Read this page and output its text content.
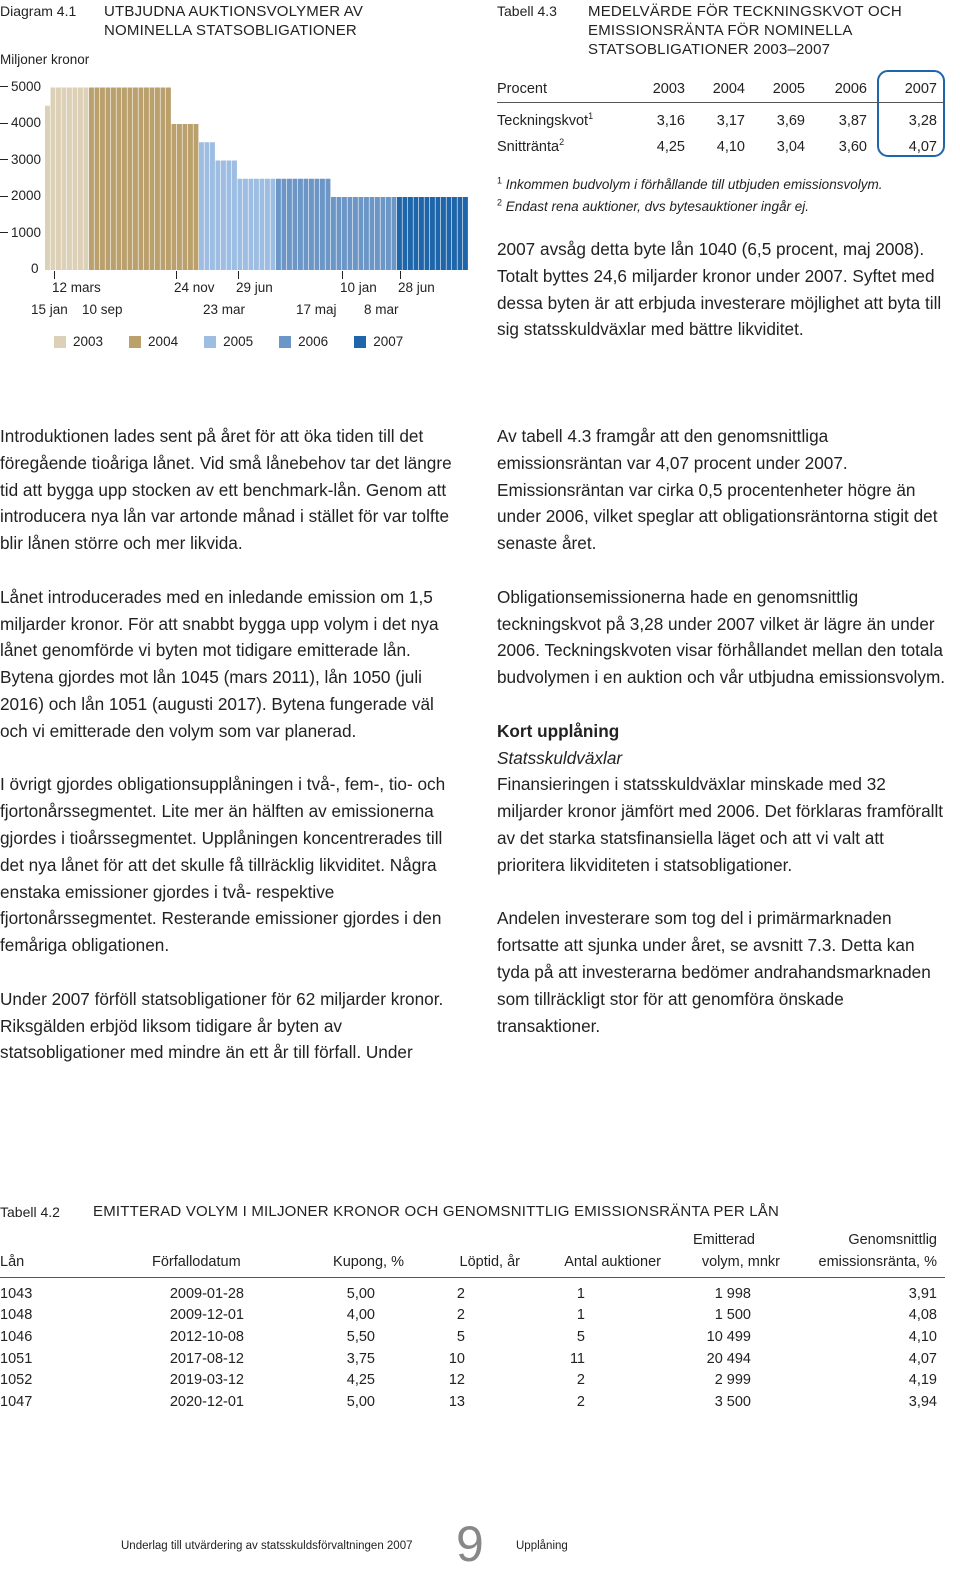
Diagram 4.1 UTBJUDNA AUKTIONSVOLYMER AV
NOMINELLA STATSOBLIGATIONER
Miljoner kronor
5000
4000
3000
2000
1000
0
12 mars	24 nov 29 jun	10 jan 28 jun
15 jan 10 sep	23 mar	17 maj 8 mar
2003	2004	2005	2006	2007
Tabell 4.3 MEDELVÄRDE FÖR TECKNINGSKVOT OCH
EMISSIONSRÄNTA FÖR NOMINELLA
STATSOBLIGATIONER 2003–2007
Procent	2003	2004	2005	2006	2007

Teckningskvot$^1$	3,16	3,17	3,69	3,87	3,28
Snittränta$^2$	4,25	4,10	3,04	3,60	4,07
$^1$ Inkommen budvolym i förhållande till utbjuden emissionsvolym.
$^2$ Endast rena auktioner, dvs bytesauktioner ingår ej.
2007 avsåg detta byte lån 1040 (6,5 procent, maj 2008). Totalt byttes 24,6 miljarder kronor under 2007. Syftet med dessa byten är att erbjuda investerare möjlighet att byta till sig statsskuldväxlar med bättre likviditet.

Introduktionen lades sent på året för att öka tiden till det föregående tioåriga lånet. Vid små lånebehov tar det längre tid att bygga upp stocken av ett benchmark-lån. Genom att introducera nya lån var artonde månad i stället för var tolfte blir lånen större och mer likvida.

Lånet introducerades med en inledande emission om 1,5 miljarder kronor. För att snabbt bygga upp volym i det nya lånet genomförde vi byten mot tidigare emitterade lån. Bytena gjordes mot lån 1045 (mars 2011), lån 1050 (juli 2016) och lån 1051 (augusti 2017). Bytena fungerade väl och vi emitterade den volym som var planerad.

I övrigt gjordes obligationsupplåningen i två-, fem-, tio- och fjortonårssegmentet. Lite mer än hälften av emissionerna gjordes i tioårssegmentet. Upplåningen koncentrerades till det nya lånet för att det skulle få tillräcklig likviditet. Några enstaka emissioner gjordes i två- respektive fjortonårssegmentet. Resterande emissioner gjordes i den femåriga obligationen.

Under 2007 förföll statsobligationer för 62 miljarder kronor. Riksgälden erbjöd liksom tidigare år byten av statsobligationer med mindre än ett år till förfall. Under

Av tabell 4.3 framgår att den genomsnittliga emissionsräntan var 4,07 procent under 2007. Emissionsräntan var cirka 0,5 procentenheter högre än under 2006, vilket speglar att obligationsräntorna stigit det senaste året.

Obligationsemissionerna hade en genomsnittlig teckningskvot på 3,28 under 2007 vilket är lägre än under 2006. Teckningskvoten visar förhållandet mellan den totala budvolymen i en auktion och vår utbjudna emissionsvolym.

Kort upplåning

Statsskuldväxlar

Finansieringen i statsskuldväxlar minskade med 32 miljarder kronor jämfört med 2006. Det förklaras framförallt av det starka statsfinansiella läget och att vi valt att prioritera likviditeten i statsobligationer.

Andelen investerare som tog del i primärmarknaden fortsatte att sjunka under året, se avsnitt 7.3. Detta kan tyda på att investerarna bedömer andrahandsmarknaden som tillräckligt stor för att genomföra önskade transaktioner.

Tabell 4.2 EMITTERAD VOLYM I MILJONER KRONOR OCH GENOMSNITTLIG EMISSIONSRÄNTA PER LÅN
Emitterad	Genomsnittlig
Lån	Förfallodatum	Kupong, %	Löptid, år	Antal auktioner	volym, mnkr	emissionsränta, %
1043	2009-01-28	5,00	2	1	1 998	3,91
1048	2009-12-01	4,00	2	1	1 500	4,08
1046	2012-10-08	5,50	5	5	10 499	4,10
1051	2017-08-12	3,75	10	11	20 494	4,07
1052	2019-03-12	4,25	12	2	2 999	4,19
1047	2020-12-01	5,00	13	2	3 500	3,94
Underlag till utvärdering av statsskuldsförvaltningen 2007 9	Upplåning
